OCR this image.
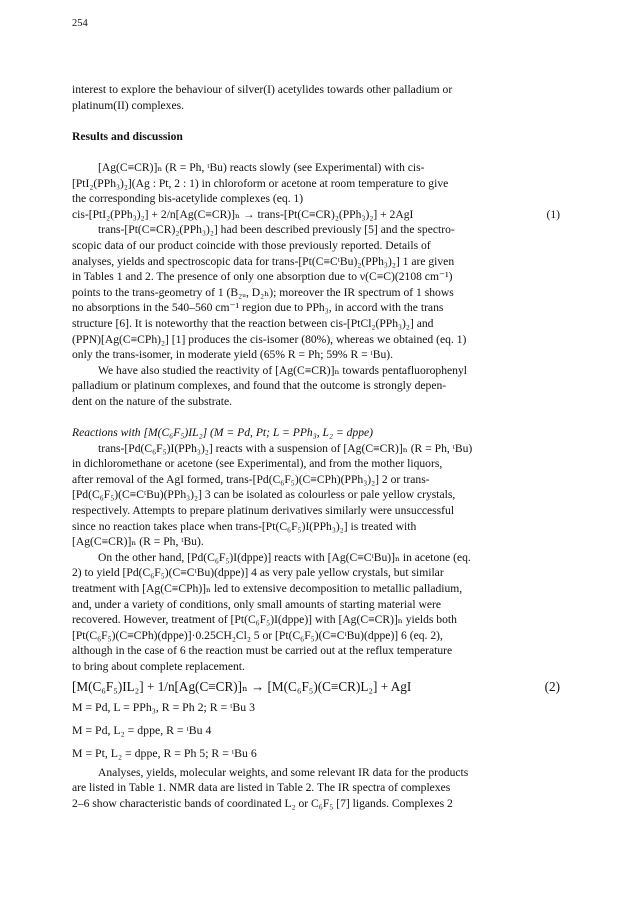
254

interest to explore the behaviour of silver(I) acetylides towards other palladium or

platinum(II) complexes.

Results and discussion

[Ag(C≡CR)]ₙ (R = Ph, ᵗBu) reacts slowly (see Experimental) with cis-

[PtI₂(PPh₃)₂](Ag : Pt, 2 : 1) in chloroform or acetone at room temperature to give

the corresponding bis-acetylide complexes (eq. 1)

cis-[PtI₂(PPh₃)₂] + 2/n[Ag(C≡CR)]ₙ → trans-[Pt(C≡CR)₂(PPh₃)₂] + 2AgI	(1)

trans-[Pt(C≡CR)₂(PPh₃)₂] had been described previously [5] and the spectro-

scopic data of our product coincide with those previously reported. Details of

analyses, yields and spectroscopic data for trans-[Pt(C≡CᵗBu)₂(PPh₃)₂] 1 are given

in Tables 1 and 2. The presence of only one absorption due to ν(C≡C)(2108 cm⁻¹)

points to the trans-geometry of 1 (B₂ᵤ, D₂ₕ); moreover the IR spectrum of 1 shows

no absorptions in the 540–560 cm⁻¹ region due to PPh₃, in accord with the trans

structure [6]. It is noteworthy that the reaction between cis-[PtCl₂(PPh₃)₂] and

(PPN)[Ag(C≡CPh)₂] [1] produces the cis-isomer (80%), whereas we obtained (eq. 1)

only the trans-isomer, in moderate yield (65% R = Ph; 59% R = ᵗBu).

We have also studied the reactivity of [Ag(C≡CR)]ₙ towards pentafluorophenyl

palladium or platinum complexes, and found that the outcome is strongly depen-

dent on the nature of the substrate.

Reactions with [M(C₆F₅)IL₂] (M = Pd, Pt; L = PPh₃, L₂ = dppe)

trans-[Pd(C₆F₅)I(PPh₃)₂] reacts with a suspension of [Ag(C≡CR)]ₙ (R = Ph, ᵗBu)

in dichloromethane or acetone (see Experimental), and from the mother liquors,

after removal of the AgI formed, trans-[Pd(C₆F₅)(C≡CPh)(PPh₃)₂] 2 or trans-

[Pd(C₆F₅)(C≡CᵗBu)(PPh₃)₂] 3 can be isolated as colourless or pale yellow crystals,

respectively. Attempts to prepare platinum derivatives similarly were unsuccessful

since no reaction takes place when trans-[Pt(C₆F₅)I(PPh₃)₂] is treated with

[Ag(C≡CR)]ₙ (R = Ph, ᵗBu).

On the other hand, [Pd(C₆F₅)I(dppe)] reacts with [Ag(C≡CᵗBu)]ₙ in acetone (eq.

2) to yield [Pd(C₆F₅)(C≡CᵗBu)(dppe)] 4 as very pale yellow crystals, but similar

treatment with [Ag(C≡CPh)]ₙ led to extensive decomposition to metallic palladium,

and, under a variety of conditions, only small amounts of starting material were

recovered. However, treatment of [Pt(C₆F₅)I(dppe)] with [Ag(C≡CR)]ₙ yields both

[Pt(C₆F₅)(C≡CPh)(dppe)]·0.25CH₂Cl₂ 5 or [Pt(C₆F₅)(C≡CᵗBu)(dppe)] 6 (eq. 2),

although in the case of 6 the reaction must be carried out at the reflux temperature

to bring about complete replacement.

[M(C₆F₅)IL₂] + 1/n[Ag(C≡CR)]ₙ → [M(C₆F₅)(C≡CR)L₂] + AgI	(2)

M = Pd, L = PPh₃, R = Ph 2; R = ᵗBu 3

M = Pd, L₂ = dppe, R = ᵗBu 4

M = Pt, L₂ = dppe, R = Ph 5; R = ᵗBu 6

Analyses, yields, molecular weights, and some relevant IR data for the products

are listed in Table 1. NMR data are listed in Table 2. The IR spectra of complexes

2–6 show characteristic bands of coordinated L₂ or C₆F₅ [7] ligands. Complexes 2
